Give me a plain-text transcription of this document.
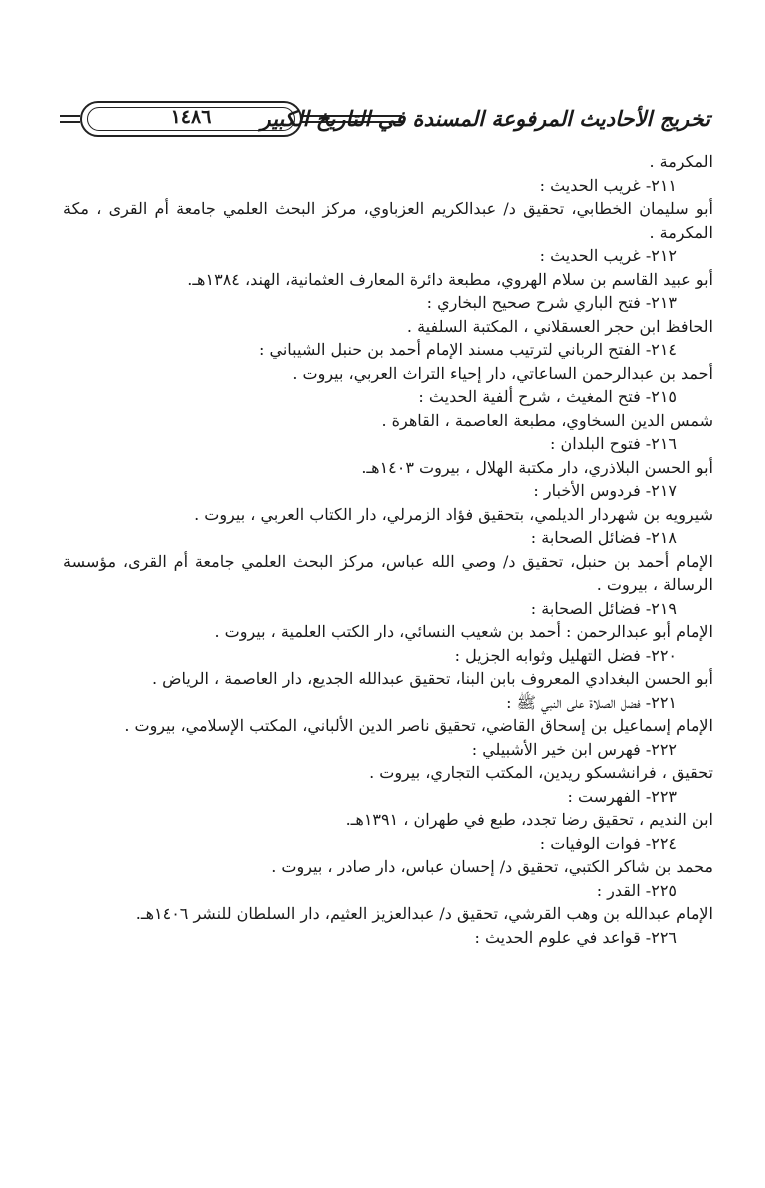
١٤٨٦	تخريج الأحاديث المرفوعة المسندة في التاريخ الكبير
المكرمة .
٢١١- غريب الحديث :
أبو سليمان الخطابي، تحقيق د/ عبدالكريم العزباوي، مركز البحث العلمي جامعة أم القرى ، مكة
المكرمة .
٢١٢- غريب الحديث :
أبو عبيد القاسم بن سلام الهروي، مطبعة دائرة المعارف العثمانية، الهند، ١٣٨٤هـ.
٢١٣- فتح الباري شرح صحيح البخاري :
الحافظ ابن حجر العسقلاني ، المكتبة السلفية .
٢١٤- الفتح الرباني لترتيب مسند الإمام أحمد بن حنبل الشيباني :
أحمد بن عبدالرحمن الساعاتي، دار إحياء التراث العربي، بيروت .
٢١٥- فتح المغيث ، شرح ألفية الحديث :
شمس الدين السخاوي، مطبعة العاصمة ، القاهرة .
٢١٦- فتوح البلدان :
أبو الحسن البلاذري، دار مكتبة الهلال ، بيروت ١٤٠٣هـ.
٢١٧- فردوس الأخبار :
شيرويه بن شهردار الديلمي، بتحقيق فؤاد الزمرلي، دار الكتاب العربي ، بيروت .
٢١٨- فضائل الصحابة :
الإمام أحمد بن حنبل، تحقيق د/ وصي الله عباس، مركز البحث العلمي جامعة أم القرى، مؤسسة
الرسالة ، بيروت .
٢١٩- فضائل الصحابة :
الإمام أبو عبدالرحمن : أحمد بن شعيب النسائي، دار الكتب العلمية ، بيروت .
٢٢٠- فضل التهليل وثوابه الجزيل :
أبو الحسن البغدادي المعروف بابن البنا، تحقيق عبدالله الجديع، دار العاصمة ، الرياض .
٢٢١- فضل الصلاة على النبي ﷺ :
الإمام إسماعيل بن إسحاق القاضي، تحقيق ناصر الدين الألباني، المكتب الإسلامي، بيروت .
٢٢٢- فهرس ابن خير الأشبيلي :
تحقيق ، فرانشسكو ريدين، المكتب التجاري، بيروت .
٢٢٣- الفهرست :
ابن النديم ، تحقيق رضا تجدد، طبع في طهران ، ١٣٩١هـ.
٢٢٤- فوات الوفيات :
محمد بن شاكر الكتبي، تحقيق د/ إحسان عباس، دار صادر ، بيروت .
٢٢٥- القدر :
الإمام عبدالله بن وهب القرشي، تحقيق د/ عبدالعزيز العثيم، دار السلطان للنشر ١٤٠٦هـ.
٢٢٦- قواعد في علوم الحديث :
